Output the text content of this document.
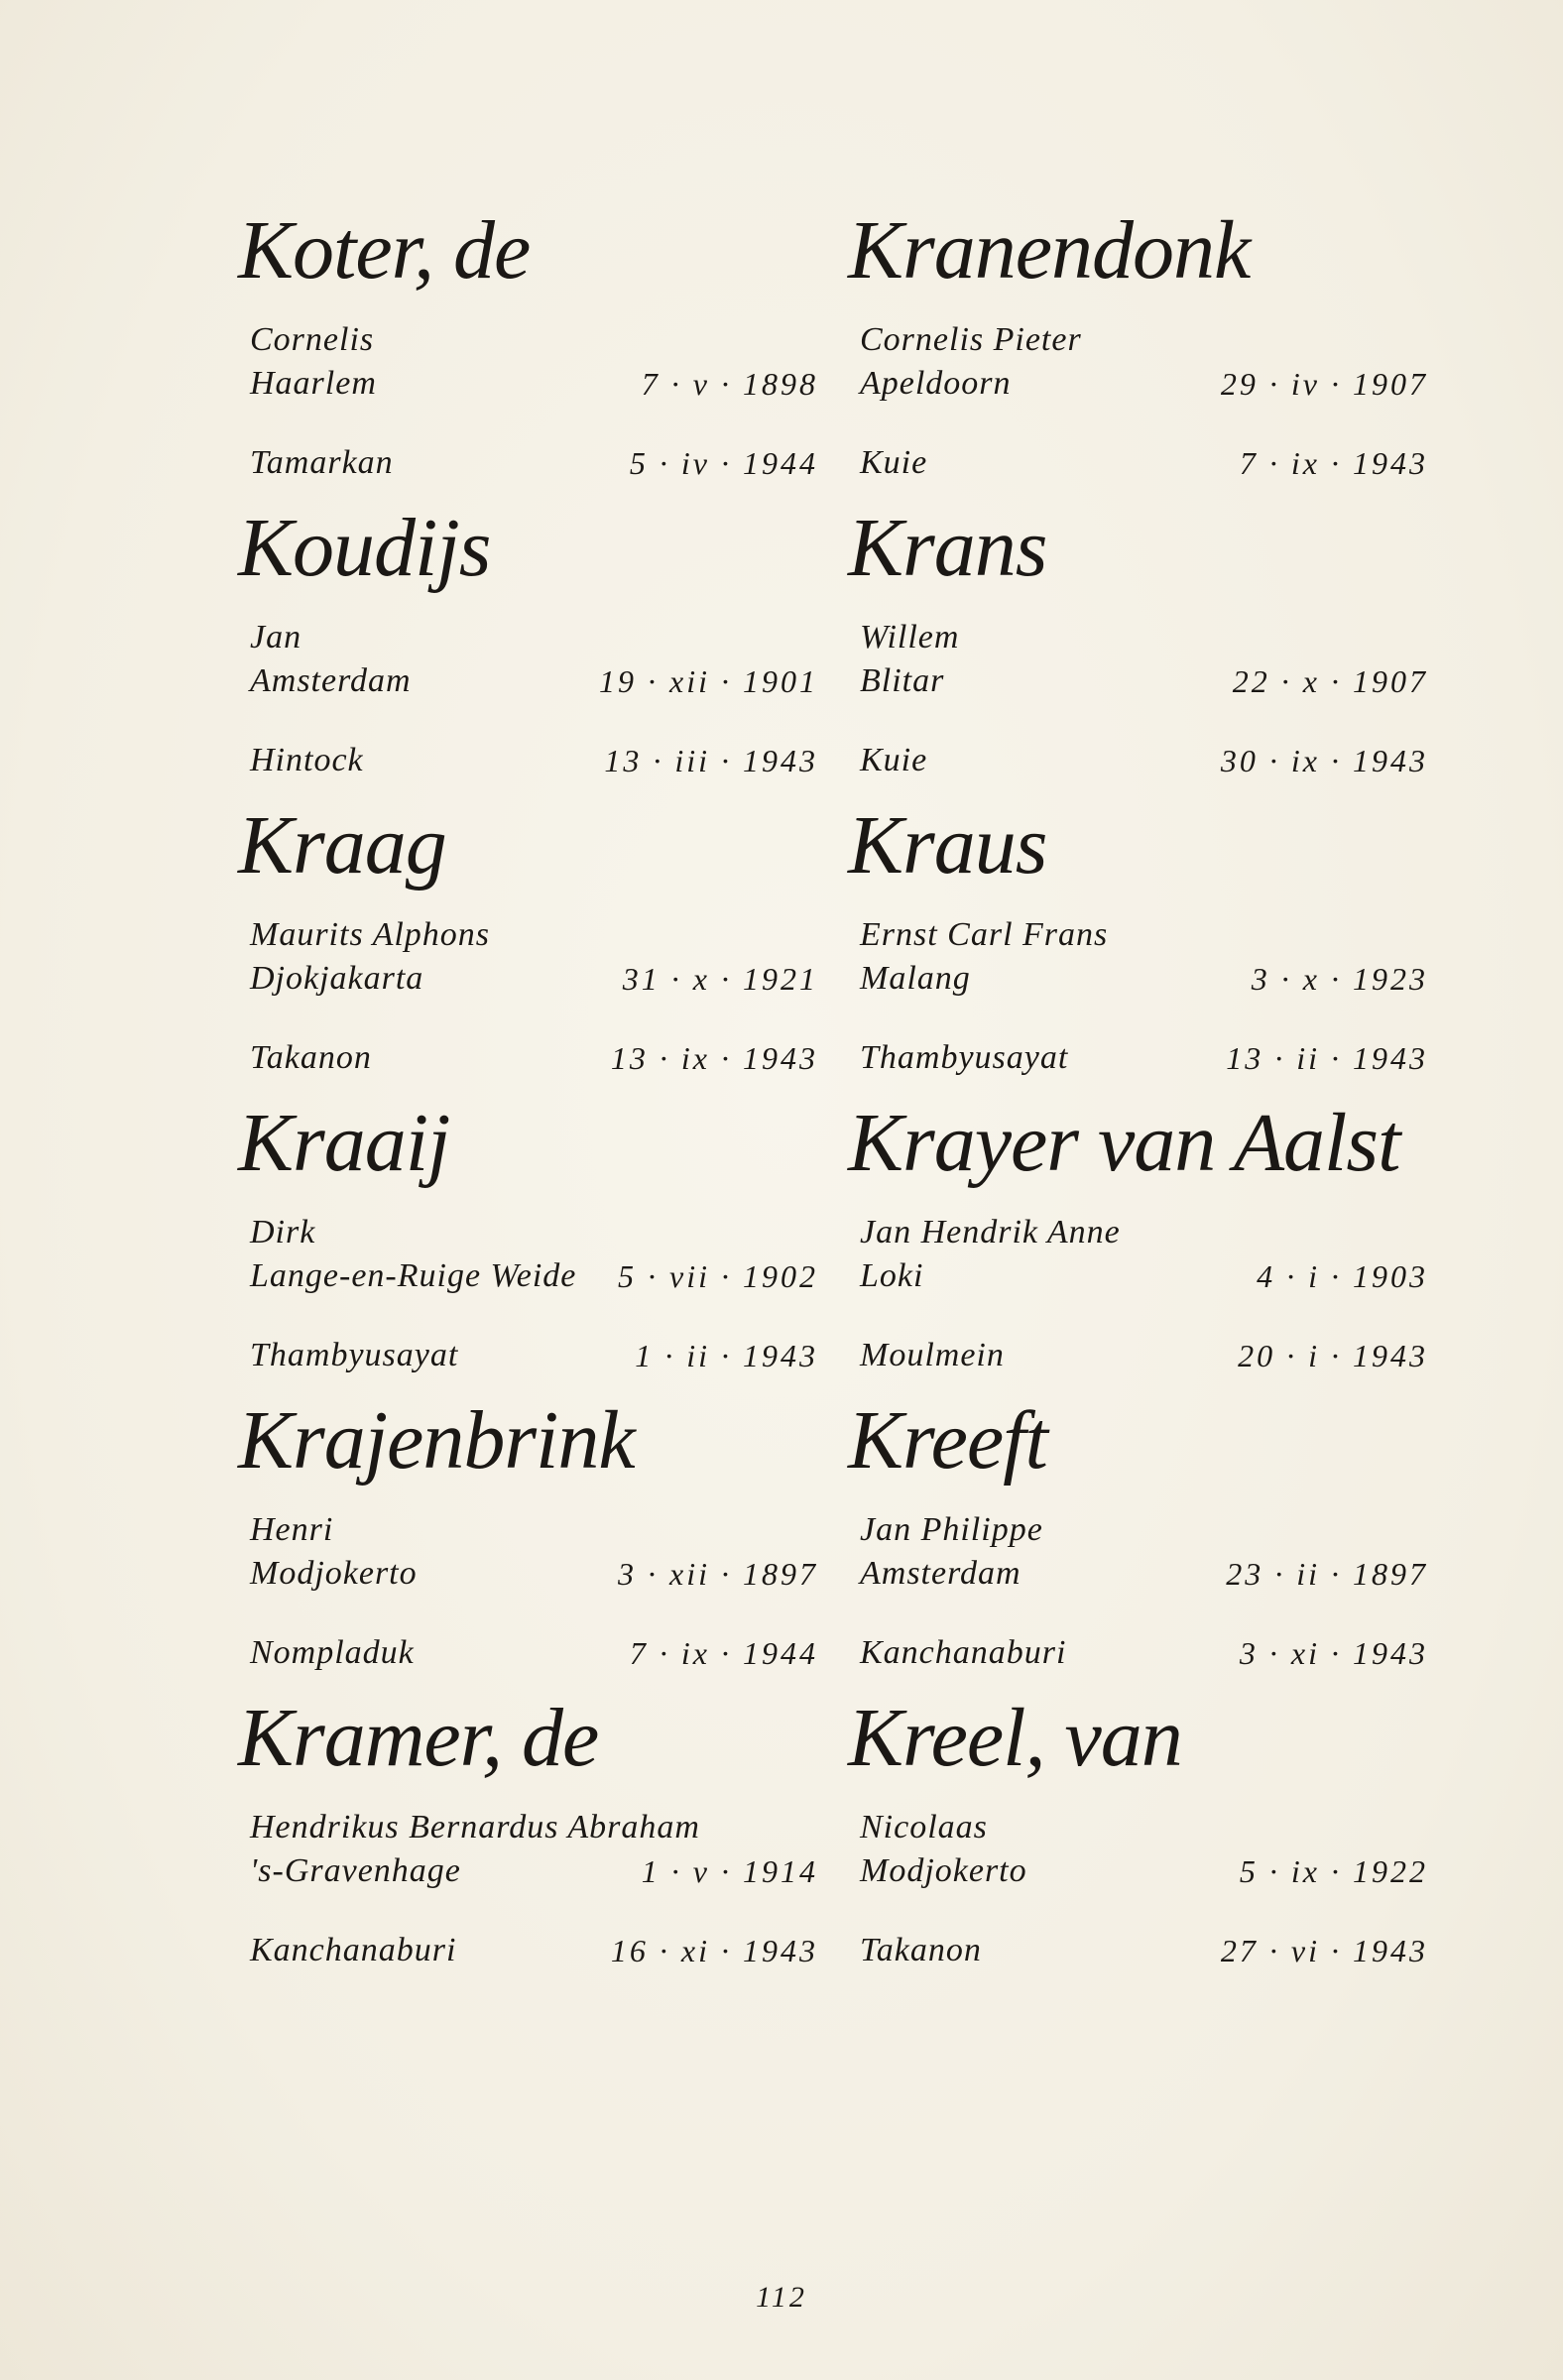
Koter, de
Cornelis
Haarlem	7 · v · 1898
Tamarkan	5 · iv · 1944
Koudijs
Jan
Amsterdam	19 · xii · 1901
Hintock	13 · iii · 1943
Kraag
Maurits Alphons
Djokjakarta	31 · x · 1921
Takanon	13 · ix · 1943
Kraaij
Dirk
Lange-en-Ruige Weide 5 · vii · 1902
Thambyusayat	1 · ii · 1943
Krajenbrink
Henri
Modjokerto	3 · xii · 1897
Nompladuk	7 · ix · 1944
Kramer, de
Hendrikus Bernardus Abraham
's-Gravenhage	1 · v · 1914
Kanchanaburi	16 · xi · 1943
Kranendonk
Cornelis Pieter
Apeldoorn	29 · iv · 1907
Kuie	7 · ix · 1943
Krans
Willem
Blitar	22 · x · 1907
Kuie	30 · ix · 1943
Kraus
Ernst Carl Frans
Malang	3 · x · 1923
Thambyusayat	13 · ii · 1943
Krayer van Aalst
Jan Hendrik Anne
Loki	4 · i · 1903
Moulmein	20 · i · 1943
Kreeft
Jan Philippe
Amsterdam	23 · ii · 1897
Kanchanaburi	3 · xi · 1943
Kreel, van
Nicolaas
Modjokerto	5 · ix · 1922
Takanon	27 · vi · 1943
112
